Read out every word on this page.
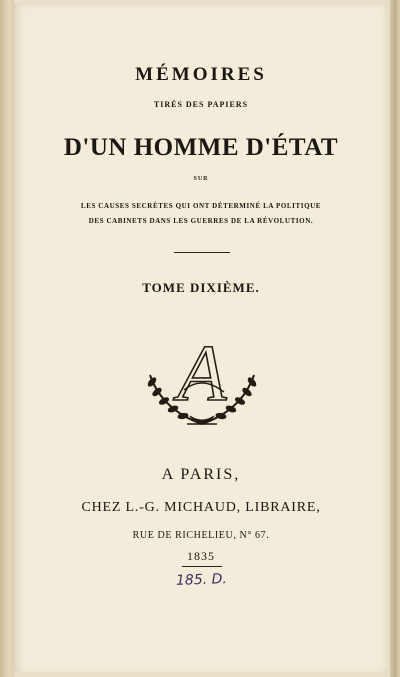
MÉMOIRES
TIRÉS DES PAPIERS
D'UN HOMME D'ÉTAT
SUR
LES CAUSES SECRÈTES QUI ONT DÉTERMINÉ LA POLITIQUE
DES CABINETS DANS LES GUERRES DE LA RÉVOLUTION.
TOME DIXIÈME.
A
A PARIS,
CHEZ L.-G. MICHAUD, LIBRAIRE,
RUE DE RICHELIEU, N° 67.
1835
185. D.
